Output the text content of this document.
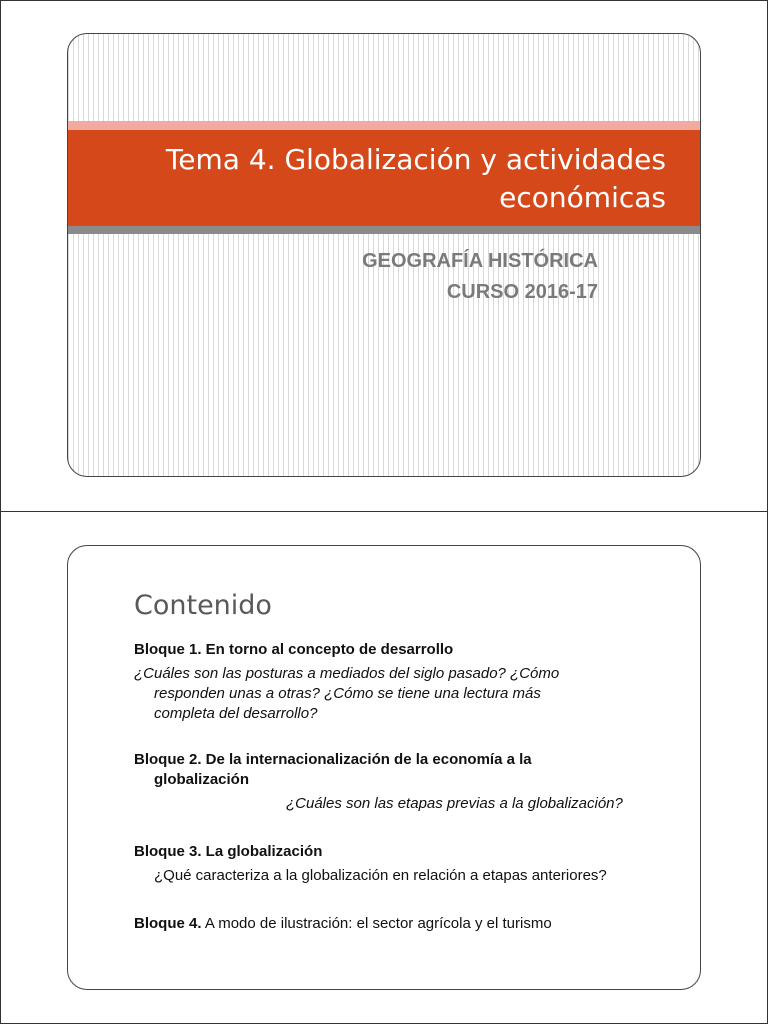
Tema 4. Globalización y actividades
económicas
GEOGRAFÍA HISTÓRICA
CURSO 2016-17
Contenido
Bloque 1. En torno al concepto de desarrollo
¿Cuáles son las posturas a mediados del siglo pasado? ¿Cómo
responden unas a otras? ¿Cómo se tiene una lectura más
completa del desarrollo?
Bloque 2. De la internacionalización de la economía a la
globalización
¿Cuáles son las etapas previas a la globalización?
Bloque 3. La globalización
¿Qué caracteriza a la globalización en relación a etapas anteriores?
Bloque 4. A modo de ilustración: el sector agrícola y el turismo
